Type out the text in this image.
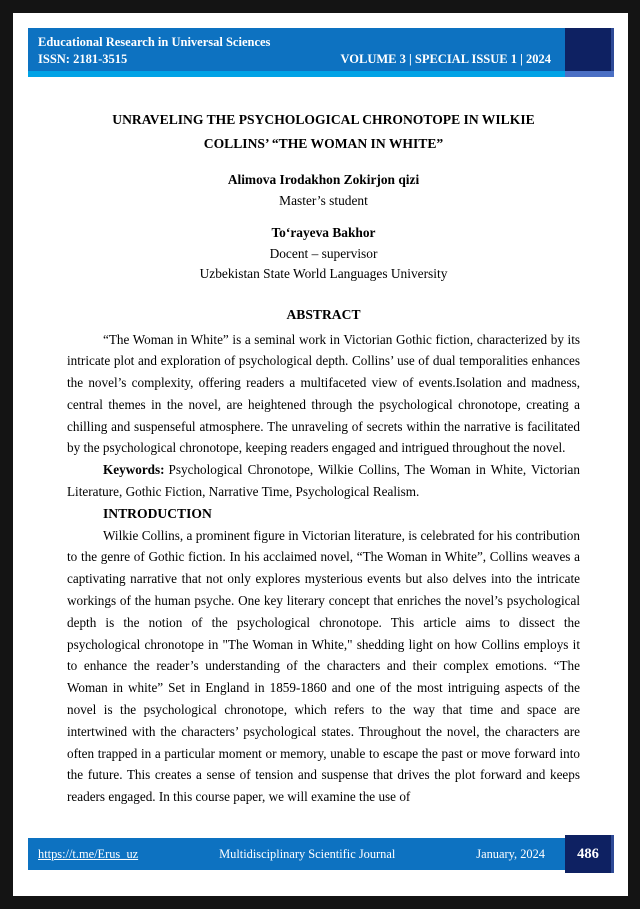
Educational Research in Universal Sciences
ISSN: 2181-3515	VOLUME 3 | SPECIAL ISSUE 1 | 2024
UNRAVELING THE PSYCHOLOGICAL CHRONOTOPE IN WILKIE
COLLINS’ “THE WOMAN IN WHITE”
Alimova Irodakhon Zokirjon qizi
Master’s student
To‘rayeva Bakhor
Docent – supervisor
Uzbekistan State World Languages University
ABSTRACT

“The Woman in White” is a seminal work in Victorian Gothic fiction, characterized by its intricate plot and exploration of psychological depth. Collins’ use of dual temporalities enhances the novel’s complexity, offering readers a multifaceted view of events.Isolation and madness, central themes in the novel, are heightened through the psychological chronotope, creating a chilling and suspenseful atmosphere. The unraveling of secrets within the narrative is facilitated by the psychological chronotope, keeping readers engaged and intrigued throughout the novel.

Keywords: Psychological Chronotope, Wilkie Collins, The Woman in White, Victorian Literature, Gothic Fiction, Narrative Time, Psychological Realism.

INTRODUCTION

Wilkie Collins, a prominent figure in Victorian literature, is celebrated for his contribution to the genre of Gothic fiction. In his acclaimed novel, “The Woman in White”, Collins weaves a captivating narrative that not only explores mysterious events but also delves into the intricate workings of the human psyche. One key literary concept that enriches the novel’s psychological depth is the notion of the psychological chronotope. This article aims to dissect the psychological chronotope in "The Woman in White," shedding light on how Collins employs it to enhance the reader’s understanding of the characters and their complex emotions. “The Woman in white” Set in England in 1859-1860 and one of the most intriguing aspects of the novel is the psychological chronotope, which refers to the way that time and space are intertwined with the characters’ psychological states. Throughout the novel, the characters are often trapped in a particular moment or memory, unable to escape the past or move forward into the future. This creates a sense of tension and suspense that drives the plot forward and keeps readers engaged. In this course paper, we will examine the use of

https://t.me/Erus_uz	Multidisciplinary Scientific Journal	January, 2024 486
